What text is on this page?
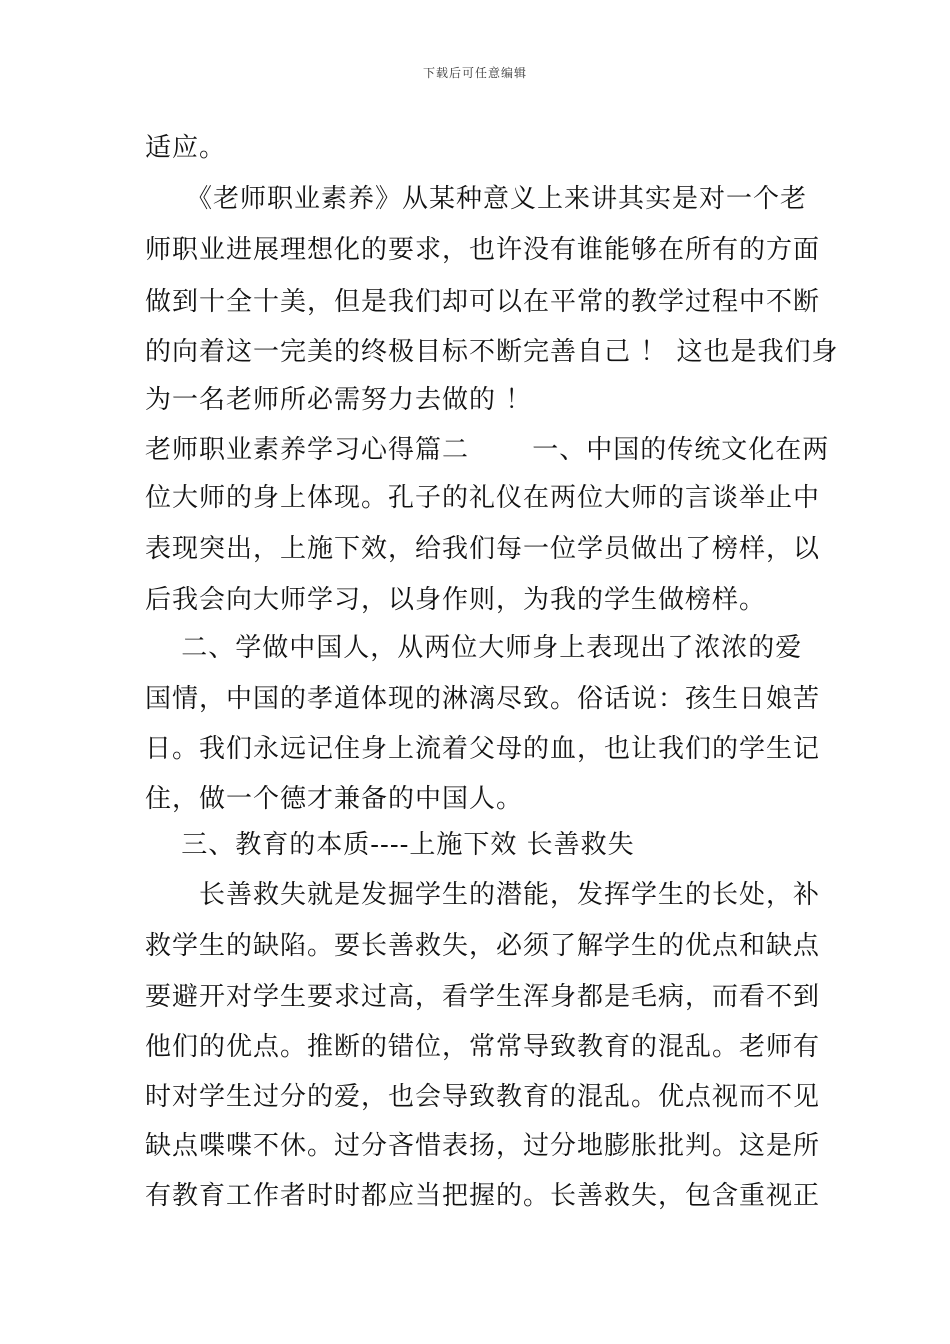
下载后可任意编辑
适应。
　　《老师职业素养》从某种意义上来讲其实是对一个老
师职业进展理想化的要求，也许没有谁能够在所有的方面
做到十全十美，但是我们却可以在平常的教学过程中不断
的向着这一完美的终极目标不断完善自己 ！ 这也是我们身
为一名老师所必需努力去做的 ！
老师职业素养学习心得篇二　　 一、中国的传统文化在两
位大师的身上体现。孔子的礼仪在两位大师的言谈举止中
表现突出，上施下效，给我们每一位学员做出了榜样，以
后我会向大师学习，以身作则，为我的学生做榜样。
　 二、学做中国人，从两位大师身上表现出了浓浓的爱
国情，中国的孝道体现的淋漓尽致。俗话说：孩生日娘苦
日。我们永远记住身上流着父母的血，也让我们的学生记
住，做一个德才兼备的中国人。
　 三、教育的本质----上施下效 长善救失
　　长善救失就是发掘学生的潜能，发挥学生的长处，补
救学生的缺陷。要长善救失，必须了解学生的优点和缺点
要避开对学生要求过高，看学生浑身都是毛病，而看不到
他们的优点。推断的错位，常常导致教育的混乱。老师有
时对学生过分的爱，也会导致教育的混乱。优点视而不见
缺点喋喋不休。过分吝惜表扬，过分地膨胀批判。这是所
有教育工作者时时都应当把握的。长善救失，包含重视正
